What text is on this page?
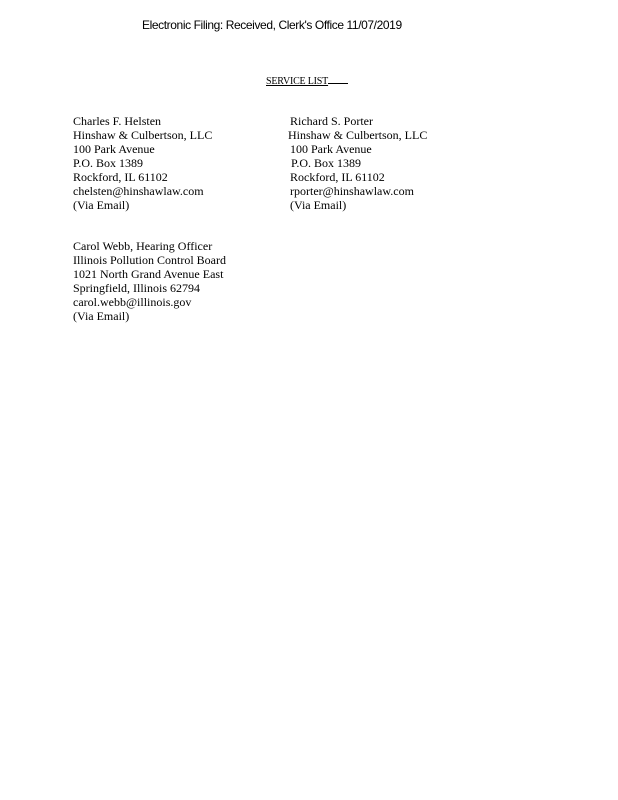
Electronic Filing: Received, Clerk's Office 11/07/2019
SERVICE LIST
Charles F. Helsten
Hinshaw & Culbertson, LLC
100 Park Avenue
P.O. Box 1389
Rockford, IL 61102
chelsten@hinshawlaw.com
(Via Email)
Richard S. Porter
Hinshaw & Culbertson, LLC
100 Park Avenue
P.O. Box 1389
Rockford, IL 61102
rporter@hinshawlaw.com
(Via Email)
Carol Webb, Hearing Officer
Illinois Pollution Control Board
1021 North Grand Avenue East
Springfield, Illinois 62794
carol.webb@illinois.gov
(Via Email)
